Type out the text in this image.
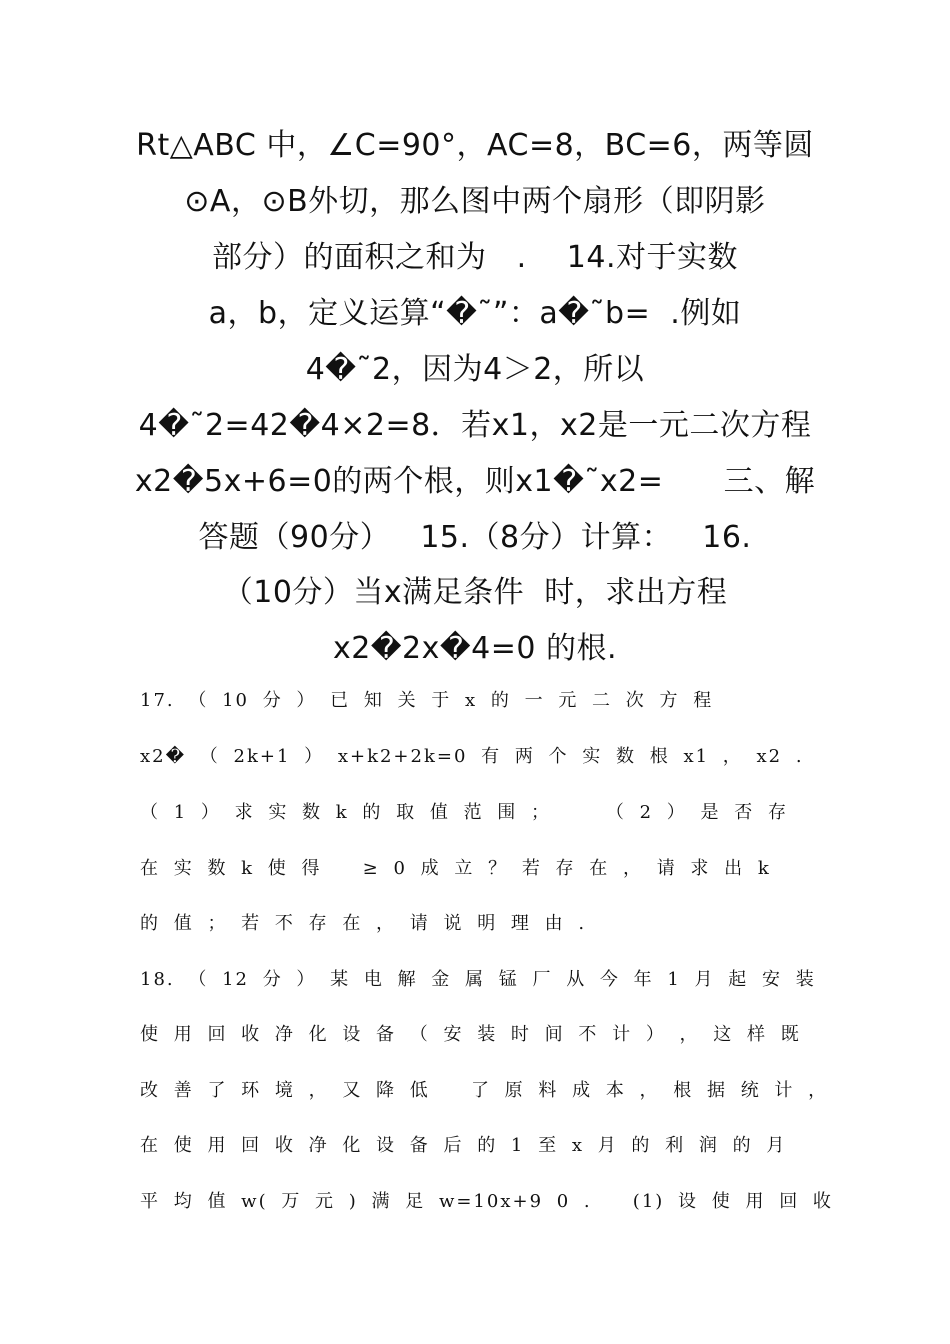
Rt△ABC 中，∠C=90°，AC=8，BC=6，两等圆
⊙A，⊙B外切，那么图中两个扇形（即阴影
部分）的面积之和为   .    14.对于实数
a，b，定义运算“�˜”：a�˜b=  .例如
4�˜2，因为4＞2，所以
4�˜2=42�4×2=8．若x1，x2是一元二次方程
x2�5x+6=0的两个根，则x1�˜x2=      三、解
答题（90分）   15.（8分）计算：   16.
（10分）当x满足条件  时，求出方程
x2�2x�4=0 的根.
17. （ 10 分 ） 已 知 关 于 x 的 一 元 二 次 方 程
x2� （ 2k+1 ） x+k2+2k=0 有 两 个 实 数 根 x1 ， x2 .
（ 1 ） 求 实 数 k 的 取 值 范 围 ；    （ 2 ） 是 否 存
在 实 数 k 使 得   ≥ 0 成 立 ？ 若 存 在 ， 请 求 出 k
的 值 ； 若 不 存 在 ， 请 说 明 理 由 .
18. （ 12 分 ） 某 电 解 金 属 锰 厂 从 今 年 1 月 起 安 装
使 用 回 收 净 化 设 备 （ 安 装 时 间 不 计 ） ， 这 样 既
改 善 了 环 境 ， 又 降 低   了 原 料 成 本 ， 根 据 统 计 ，
在 使 用 回 收 净 化 设 备 后 的 1 至 x 月 的 利 润 的 月
平 均 值 w( 万 元 ) 满 足 w=10x+9 0 .   (1) 设 使 用 回 收
